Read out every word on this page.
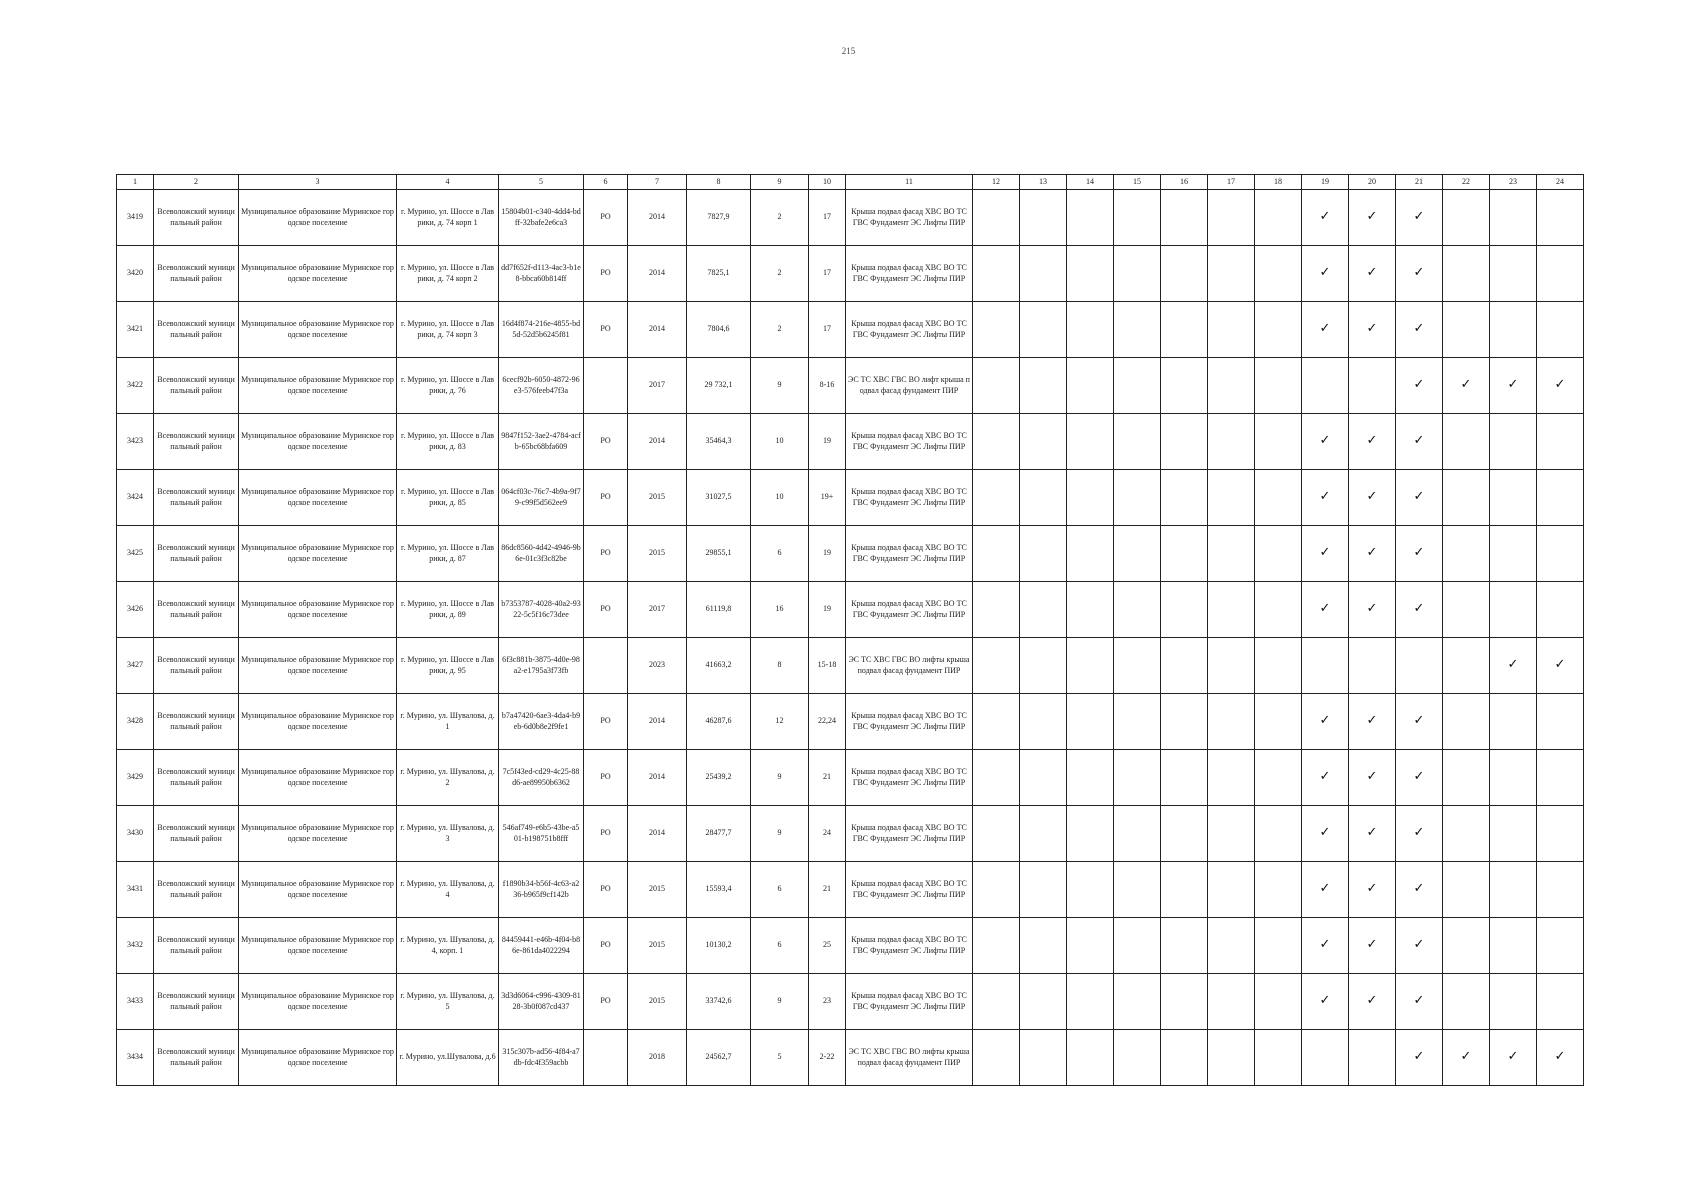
215
1	2	3	4	5	6	7	8	9	10	11	12	13	14	15	16	17	18	19	20	21	22	23	24
3419	Всеволожский муниципальный район	Муниципальное образование Муринское городское поселение	г. Мурино, ул. Шоссе в Лаврики, д. 74 корп 1	15804b01-c340-4dd4-bdff-32bafe2e6ca3	РО	2014	7827,9	2	17	Крыша подвал фасад ХВС ВО ТС ГВС Фундамент ЭС Лифты ПИР								✓	✓	✓			
3420	Всеволожский муниципальный район	Муниципальное образование Муринское городское поселение	г. Мурино, ул. Шоссе в Лаврики, д. 74 корп 2	dd7f652f-d113-4ac3-b1e8-bbca60b814ff	РО	2014	7825,1	2	17	Крыша подвал фасад ХВС ВО ТС ГВС Фундамент ЭС Лифты ПИР								✓	✓	✓			
3421	Всеволожский муниципальный район	Муниципальное образование Муринское городское поселение	г. Мурино, ул. Шоссе в Лаврики, д. 74 корп 3	16d4f874-216e-4855-bd5d-52d5b6245f81	РО	2014	7804,6	2	17	Крыша подвал фасад ХВС ВО ТС ГВС Фундамент ЭС Лифты ПИР								✓	✓	✓			
3422	Всеволожский муниципальный район	Муниципальное образование Муринское городское поселение	г. Мурино, ул. Шоссе в Лаврики, д. 76	6cecf92b-6050-4872-96e3-576feeb47f3a		2017	29 732,1	9	8-16	ЭС ТС ХВС ГВС ВО лифт крыша подвал фасад фундамент ПИР										✓	✓	✓	✓
3423	Всеволожский муниципальный район	Муниципальное образование Муринское городское поселение	г. Мурино, ул. Шоссе в Лаврики, д. 83	9847f152-3ae2-4784-acfb-65bc68bfa609	РО	2014	35464,3	10	19	Крыша подвал фасад ХВС ВО ТС ГВС Фундамент ЭС Лифты ПИР								✓	✓	✓			
3424	Всеволожский муниципальный район	Муниципальное образование Муринское городское поселение	г. Мурино, ул. Шоссе в Лаврики, д. 85	064cf03c-76c7-4b9a-9f79-c99f5d562ee9	РО	2015	31027,5	10	19+	Крыша подвал фасад ХВС ВО ТС ГВС Фундамент ЭС Лифты ПИР								✓	✓	✓			
3425	Всеволожский муниципальный район	Муниципальное образование Муринское городское поселение	г. Мурино, ул. Шоссе в Лаврики, д. 87	86dc8560-4d42-4946-9b6e-01c3f3c82be	РО	2015	29855,1	6	19	Крыша подвал фасад ХВС ВО ТС ГВС Фундамент ЭС Лифты ПИР								✓	✓	✓			
3426	Всеволожский муниципальный район	Муниципальное образование Муринское городское поселение	г. Мурино, ул. Шоссе в Лаврики, д. 89	b7353787-4028-40a2-9322-5c5f16c73dee	РО	2017	61119,8	16	19	Крыша подвал фасад ХВС ВО ТС ГВС Фундамент ЭС Лифты ПИР								✓	✓	✓			
3427	Всеволожский муниципальный район	Муниципальное образование Муринское городское поселение	г. Мурино, ул. Шоссе в Лаврики, д. 95	6f3c881b-3875-4d0e-98a2-e1795a3f73fb		2023	41663,2	8	15-18	ЭС ТС ХВС ГВС ВО лифты крыша подвал фасад фундамент ПИР												✓	✓
3428	Всеволожский муниципальный район	Муниципальное образование Муринское городское поселение	г. Мурино, ул. Шувалова, д.1	b7a47420-6ae3-4da4-b9eb-6d0b8e2f9fe1	РО	2014	46287,6	12	22,24	Крыша подвал фасад ХВС ВО ТС ГВС Фундамент ЭС Лифты ПИР								✓	✓	✓			
3429	Всеволожский муниципальный район	Муниципальное образование Муринское городское поселение	г. Мурино, ул. Шувалова, д.2	7c5f43ed-cd29-4c25-88d6-ae89950b6362	РО	2014	25439,2	9	21	Крыша подвал фасад ХВС ВО ТС ГВС Фундамент ЭС Лифты ПИР								✓	✓	✓			
3430	Всеволожский муниципальный район	Муниципальное образование Муринское городское поселение	г. Мурино, ул. Шувалова, д.3	546af749-e6b5-43be-a501-b198751b8fff	РО	2014	28477,7	9	24	Крыша подвал фасад ХВС ВО ТС ГВС Фундамент ЭС Лифты ПИР								✓	✓	✓			
3431	Всеволожский муниципальный район	Муниципальное образование Муринское городское поселение	г. Мурино, ул. Шувалова, д.4	f1890b34-b56f-4c63-a236-b965f9cf142b	РО	2015	15593,4	6	21	Крыша подвал фасад ХВС ВО ТС ГВС Фундамент ЭС Лифты ПИР								✓	✓	✓			
3432	Всеволожский муниципальный район	Муниципальное образование Муринское городское поселение	г. Мурино, ул. Шувалова, д.4, корп. 1	84459441-e46b-4f04-b86e-861da4022294	РО	2015	10130,2	6	25	Крыша подвал фасад ХВС ВО ТС ГВС Фундамент ЭС Лифты ПИР								✓	✓	✓			
3433	Всеволожский муниципальный район	Муниципальное образование Муринское городское поселение	г. Мурино, ул. Шувалова, д.5	3d3d6064-c996-4309-8128-3b0f087cd437	РО	2015	33742,6	9	23	Крыша подвал фасад ХВС ВО ТС ГВС Фундамент ЭС Лифты ПИР								✓	✓	✓			
3434	Всеволожский муниципальный район	Муниципальное образование Муринское городское поселение	г. Мурино, ул.Шувалова, д.6	315c307b-ad56-4f84-a7db-fdc4f359acbb		2018	24562,7	5	2-22	ЭС ТС ХВС ГВС ВО лифты крыша подвал фасад фундамент ПИР										✓	✓	✓	✓
